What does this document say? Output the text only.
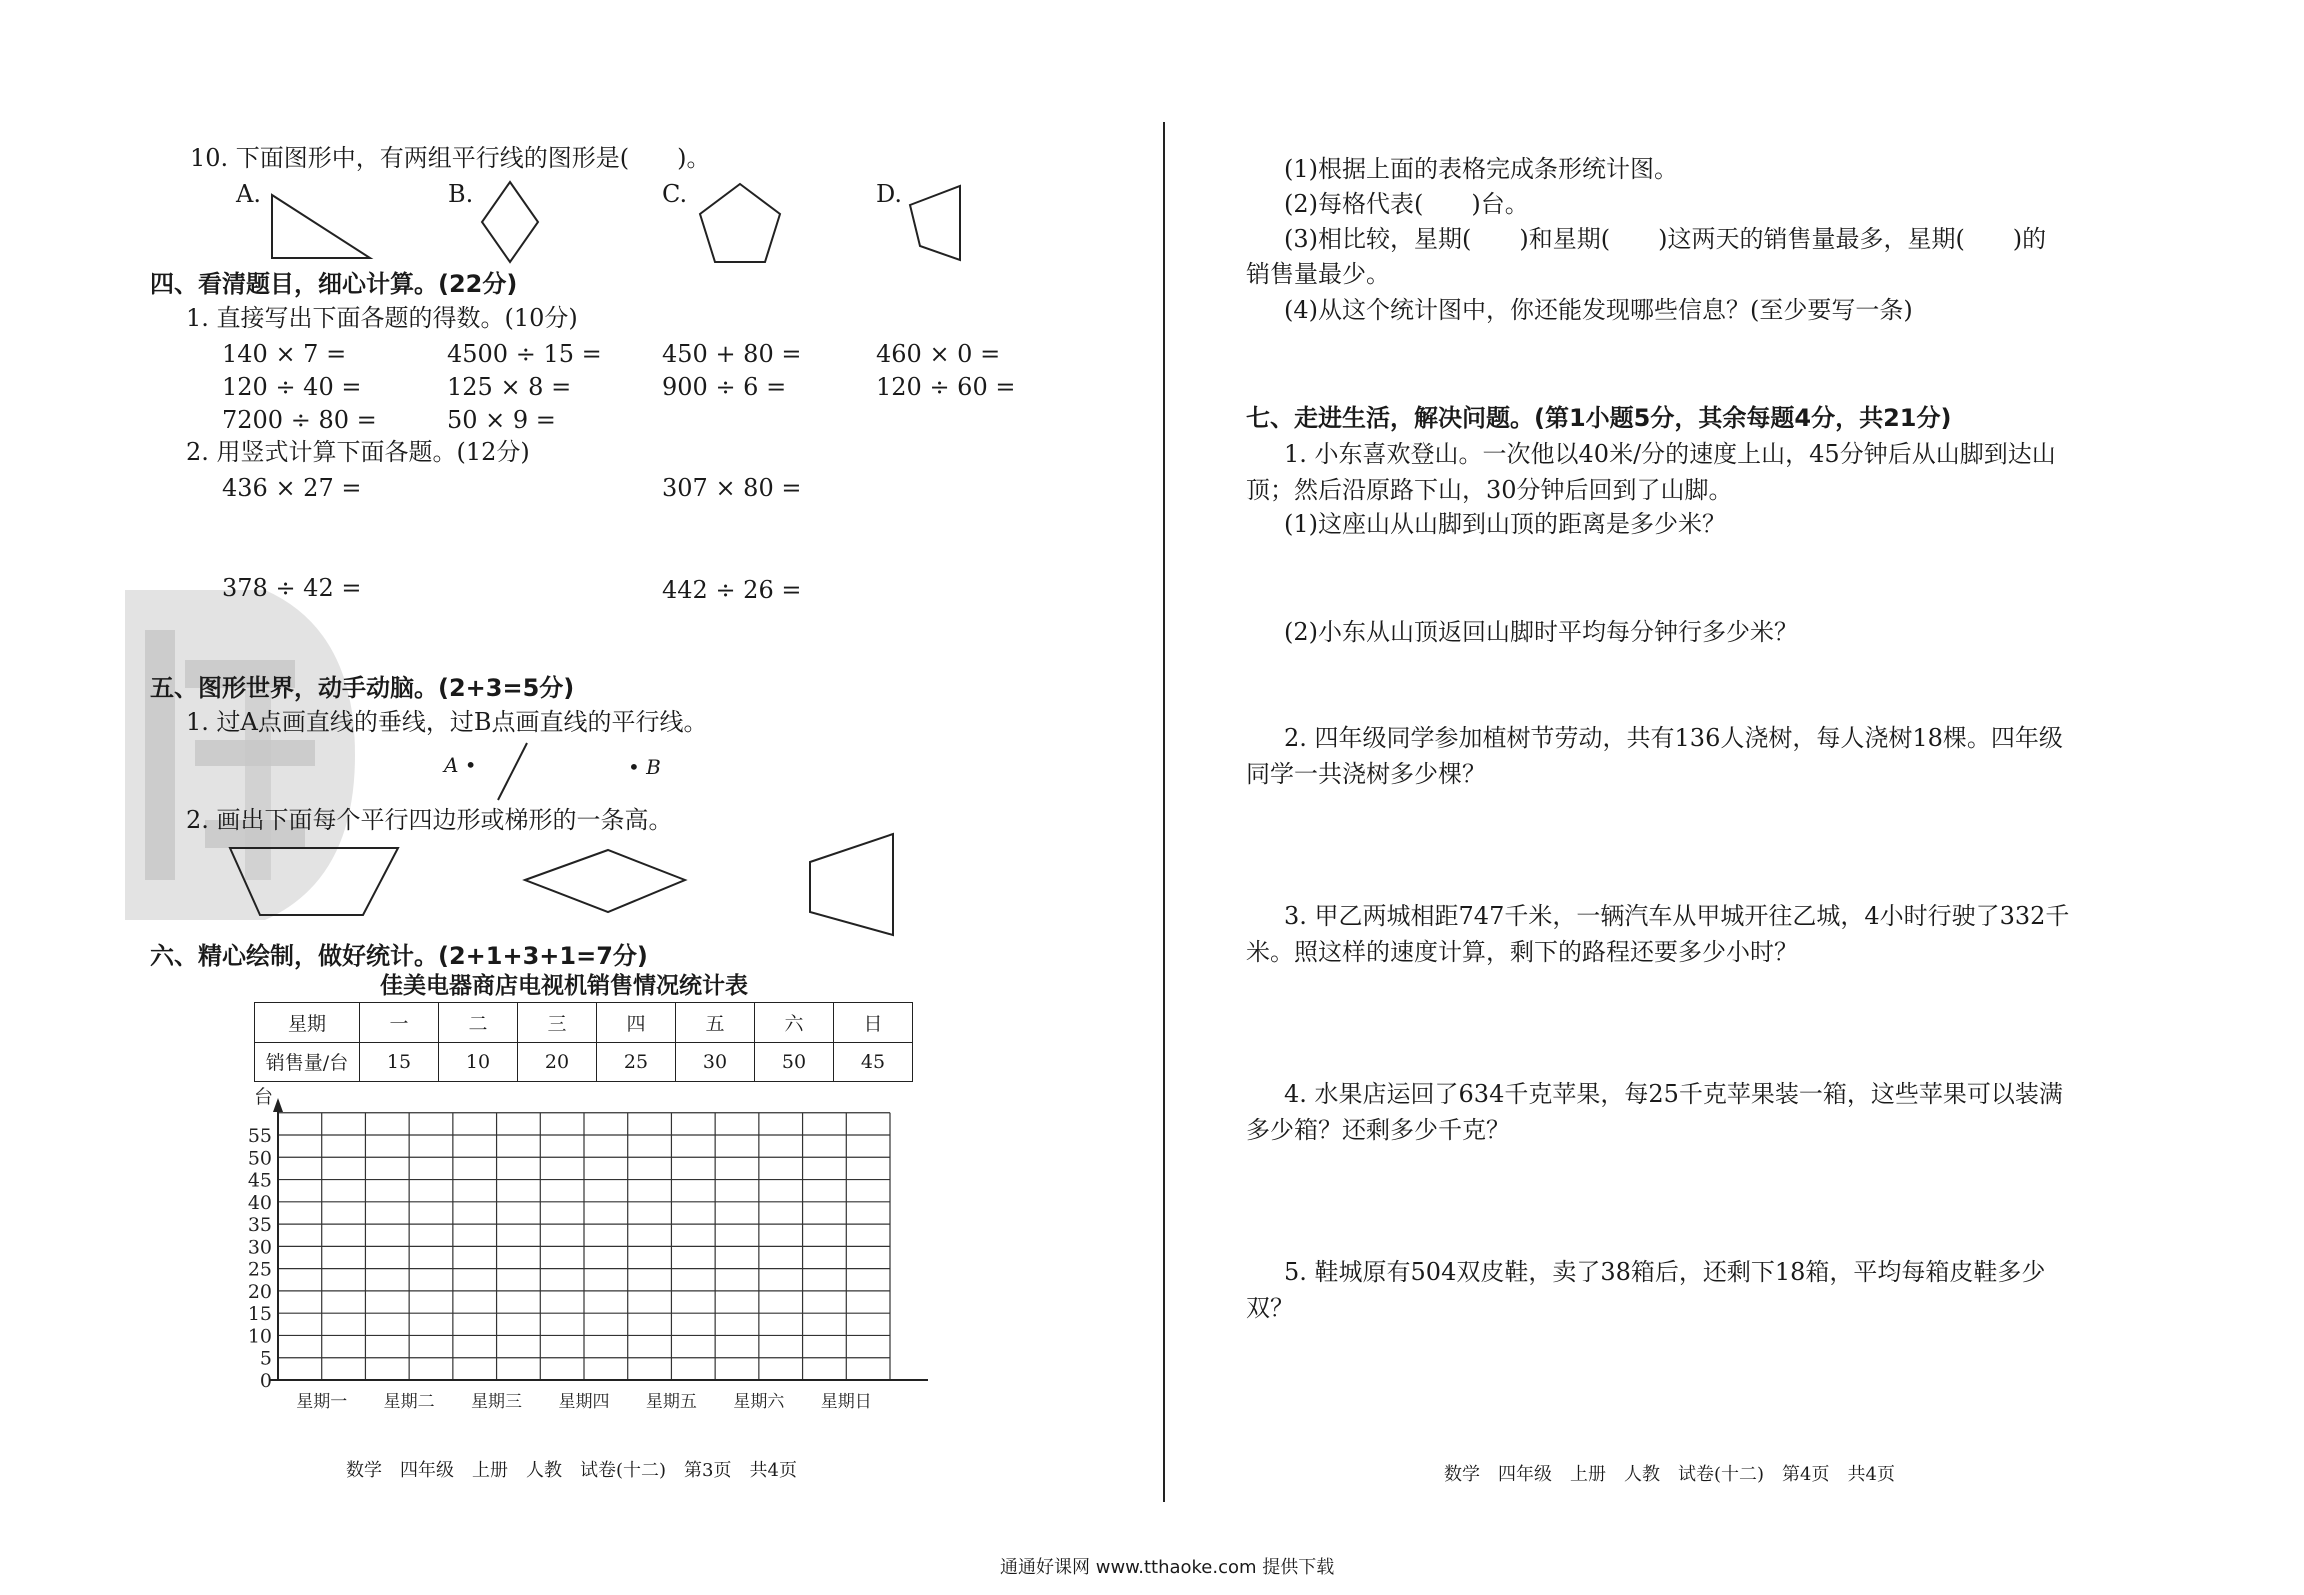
10. 下面图形中，有两组平行线的图形是(　　)。
A.	B.	C.	D.
四、看清题目，细心计算。(22分)
1. 直接写出下面各题的得数。(10分)
140 × 7 =	4500 ÷ 15 =	450 + 80 =	460 × 0 =
120 ÷ 40 =	125 × 8 =	900 ÷ 6 =	120 ÷ 60 =
7200 ÷ 80 =	50 × 9 =
2. 用竖式计算下面各题。(12分)
436 × 27 =	307 × 80 =
378 ÷ 42 =	442 ÷ 26 =
五、图形世界，动手动脑。(2+3=5分)
1. 过A点画直线的垂线，过B点画直线的平行线。
A •	• B
2. 画出下面每个平行四边形或梯形的一条高。
六、精心绘制，做好统计。(2+1+3+1=7分)
佳美电器商店电视机销售情况统计表
星期	一	二	三	四	五	六	日
销售量/台	15	10	20	25	30	50	45
台
0
5
10
15
20
25
30
35
40
45
50
55
星期一 星期二 星期三 星期四 星期五 星期六 星期日
数学　四年级　上册　人教　试卷(十二)　第3页　共4页
(1)根据上面的表格完成条形统计图。
(2)每格代表(　　)台。
(3)相比较，星期(　　)和星期(　　)这两天的销售量最多，星期(　　)的
销售量最少。
(4)从这个统计图中，你还能发现哪些信息？(至少要写一条)
七、走进生活，解决问题。(第1小题5分，其余每题4分，共21分)
1. 小东喜欢登山。一次他以40米/分的速度上山，45分钟后从山脚到达山
顶；然后沿原路下山，30分钟后回到了山脚。
(1)这座山从山脚到山顶的距离是多少米？
(2)小东从山顶返回山脚时平均每分钟行多少米？
2. 四年级同学参加植树节劳动，共有136人浇树，每人浇树18棵。四年级
同学一共浇树多少棵？
3. 甲乙两城相距747千米，一辆汽车从甲城开往乙城，4小时行驶了332千
米。照这样的速度计算，剩下的路程还要多少小时？
4. 水果店运回了634千克苹果，每25千克苹果装一箱，这些苹果可以装满
多少箱？还剩多少千克？
5. 鞋城原有504双皮鞋，卖了38箱后，还剩下18箱，平均每箱皮鞋多少
双？
数学　四年级　上册　人教　试卷(十二)　第4页　共4页
通通好课网 www.tthaoke.com 提供下载
